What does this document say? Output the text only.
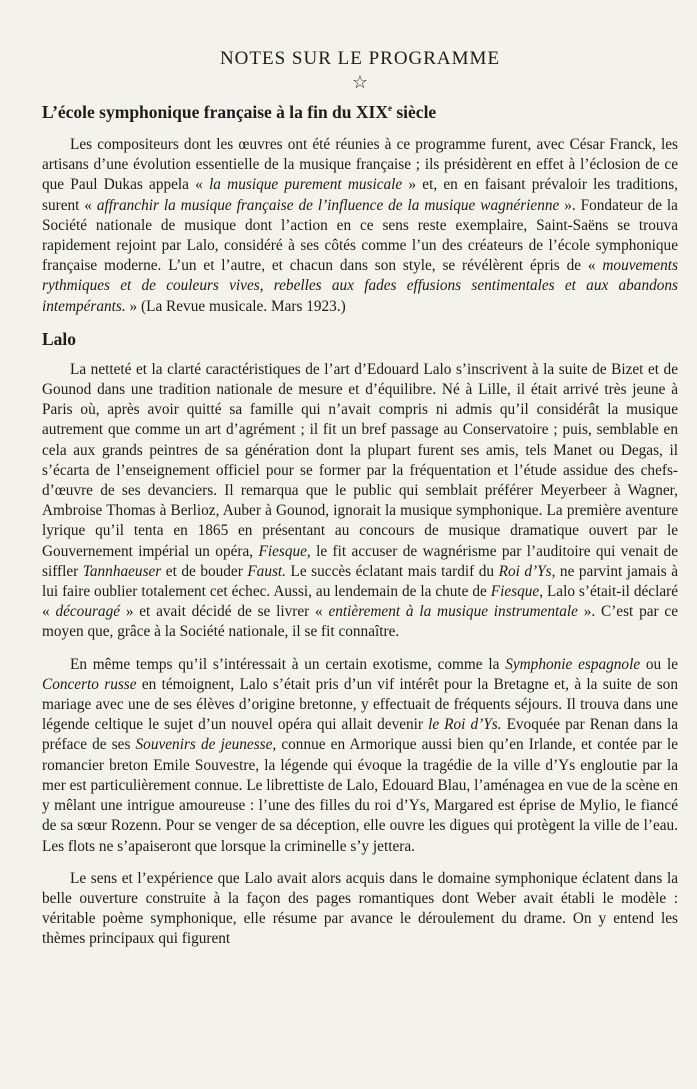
NOTES SUR LE PROGRAMME
☆
L’école symphonique française à la fin du XIXe siècle

Les compositeurs dont les œuvres ont été réunies à ce programme furent, avec César Franck, les artisans d’une évolution essentielle de la musique française ; ils présidèrent en effet à l’éclosion de ce que Paul Dukas appela « la musique purement musicale » et, en en faisant prévaloir les traditions, surent « affranchir la musique française de l’influence de la musique wagnérienne ». Fondateur de la Société nationale de musique dont l’action en ce sens reste exemplaire, Saint-Saëns se trouva rapidement rejoint par Lalo, considéré à ses côtés comme l’un des créateurs de l’école symphonique française moderne. L’un et l’autre, et chacun dans son style, se révélèrent épris de « mouvements rythmiques et de couleurs vives, rebelles aux fades effusions sentimentales et aux abandons intempérants. » (La Revue musicale. Mars 1923.)

Lalo

La netteté et la clarté caractéristiques de l’art d’Edouard Lalo s’inscrivent à la suite de Bizet et de Gounod dans une tradition nationale de mesure et d’équilibre. Né à Lille, il était arrivé très jeune à Paris où, après avoir quitté sa famille qui n’avait compris ni admis qu’il considérât la musique autrement que comme un art d’agrément ; il fit un bref passage au Conservatoire ; puis, semblable en cela aux grands peintres de sa génération dont la plupart furent ses amis, tels Manet ou Degas, il s’écarta de l’enseignement officiel pour se former par la fréquentation et l’étude assidue des chefs-d’œuvre de ses devanciers. Il remarqua que le public qui semblait préférer Meyerbeer à Wagner, Ambroise Thomas à Berlioz, Auber à Gounod, ignorait la musique symphonique. La première aventure lyrique qu’il tenta en 1865 en présentant au concours de musique dramatique ouvert par le Gouvernement impérial un opéra, Fiesque, le fit accuser de wagnérisme par l’auditoire qui venait de siffler Tannhaeuser et de bouder Faust. Le succès éclatant mais tardif du Roi d’Ys, ne parvint jamais à lui faire oublier totalement cet échec. Aussi, au lendemain de la chute de Fiesque, Lalo s’était-il déclaré « découragé » et avait décidé de se livrer « entièrement à la musique instrumentale ». C’est par ce moyen que, grâce à la Société nationale, il se fit connaître.

En même temps qu’il s’intéressait à un certain exotisme, comme la Symphonie espagnole ou le Concerto russe en témoignent, Lalo s’était pris d’un vif intérêt pour la Bretagne et, à la suite de son mariage avec une de ses élèves d’origine bretonne, y effectuait de fréquents séjours. Il trouva dans une légende celtique le sujet d’un nouvel opéra qui allait devenir le Roi d’Ys. Evoquée par Renan dans la préface de ses Souvenirs de jeunesse, connue en Armorique aussi bien qu’en Irlande, et contée par le romancier breton Emile Souvestre, la légende qui évoque la tragédie de la ville d’Ys engloutie par la mer est particulièrement connue. Le librettiste de Lalo, Edouard Blau, l’aménagea en vue de la scène en y mêlant une intrigue amoureuse : l’une des filles du roi d’Ys, Margared est éprise de Mylio, le fiancé de sa sœur Rozenn. Pour se venger de sa déception, elle ouvre les digues qui protègent la ville de l’eau. Les flots ne s’apaiseront que lorsque la criminelle s’y jettera.

Le sens et l’expérience que Lalo avait alors acquis dans le domaine symphonique éclatent dans la belle ouverture construite à la façon des pages romantiques dont Weber avait établi le modèle : véritable poème symphonique, elle résume par avance le déroulement du drame. On y entend les thèmes principaux qui figurent
